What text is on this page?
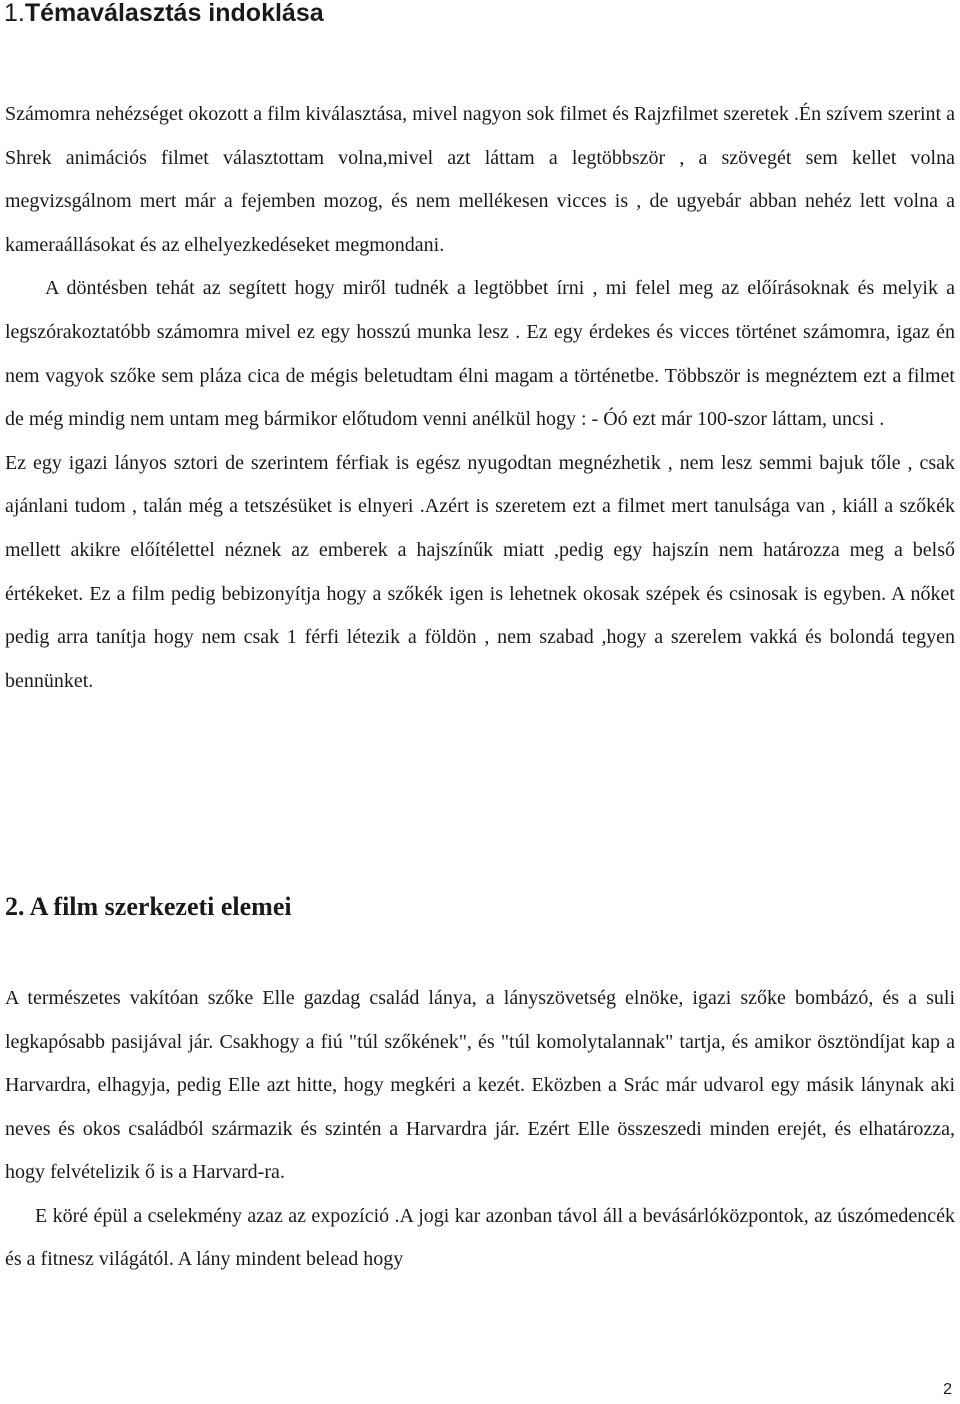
1.Témaválasztás indoklása

Számomra nehézséget okozott a film kiválasztása, mivel nagyon sok filmet és Rajzfilmet szeretek .Én szívem szerint a Shrek animációs filmet választottam volna,mivel azt láttam a legtöbbször , a szövegét sem kellet volna megvizsgálnom mert már a fejemben mozog, és nem mellékesen vicces is , de ugyebár abban nehéz lett volna a kameraállásokat és az elhelyezkedéseket megmondani.

A döntésben tehát az segített hogy miről tudnék a legtöbbet írni , mi felel meg az előírásoknak és melyik a legszórakoztatóbb számomra mivel ez egy hosszú munka lesz . Ez egy érdekes és vicces történet számomra, igaz én nem vagyok szőke sem pláza cica de mégis beletudtam élni magam a történetbe. Többször is megnéztem ezt a filmet de még mindig nem untam meg bármikor előtudom venni anélkül hogy : - Óó ezt már 100-szor láttam, uncsi .

Ez egy igazi lányos sztori de szerintem férfiak is egész nyugodtan megnézhetik , nem lesz semmi bajuk tőle , csak ajánlani tudom , talán még a tetszésüket is elnyeri .Azért is szeretem ezt a filmet mert tanulsága van , kiáll a szőkék mellett akikre előítélettel néznek az emberek a hajszínűk miatt ,pedig egy hajszín nem határozza meg a belső értékeket. Ez a film pedig bebizonyítja hogy a szőkék igen is lehetnek okosak szépek és csinosak is egyben. A nőket pedig arra tanítja hogy nem csak 1 férfi létezik a földön , nem szabad ,hogy a szerelem vakká és bolondá tegyen bennünket.

2. A film szerkezeti elemei

A természetes vakítóan szőke Elle gazdag család lánya, a lányszövetség elnöke, igazi szőke bombázó, és a suli legkapósabb pasijával jár. Csakhogy a fiú "túl szőkének", és "túl komolytalannak" tartja, és amikor ösztöndíjat kap a Harvardra, elhagyja, pedig Elle azt hitte, hogy megkéri a kezét. Eközben a Srác már udvarol egy másik lánynak aki neves és okos családból származik és szintén a Harvardra jár. Ezért Elle összeszedi minden erejét, és elhatározza, hogy felvételizik ő is a Harvard-ra.

E köré épül a cselekmény azaz az expozíció .A jogi kar azonban távol áll a bevásárlóközpontok, az úszómedencék és a fitnesz világától. A lány mindent belead hogy

2
